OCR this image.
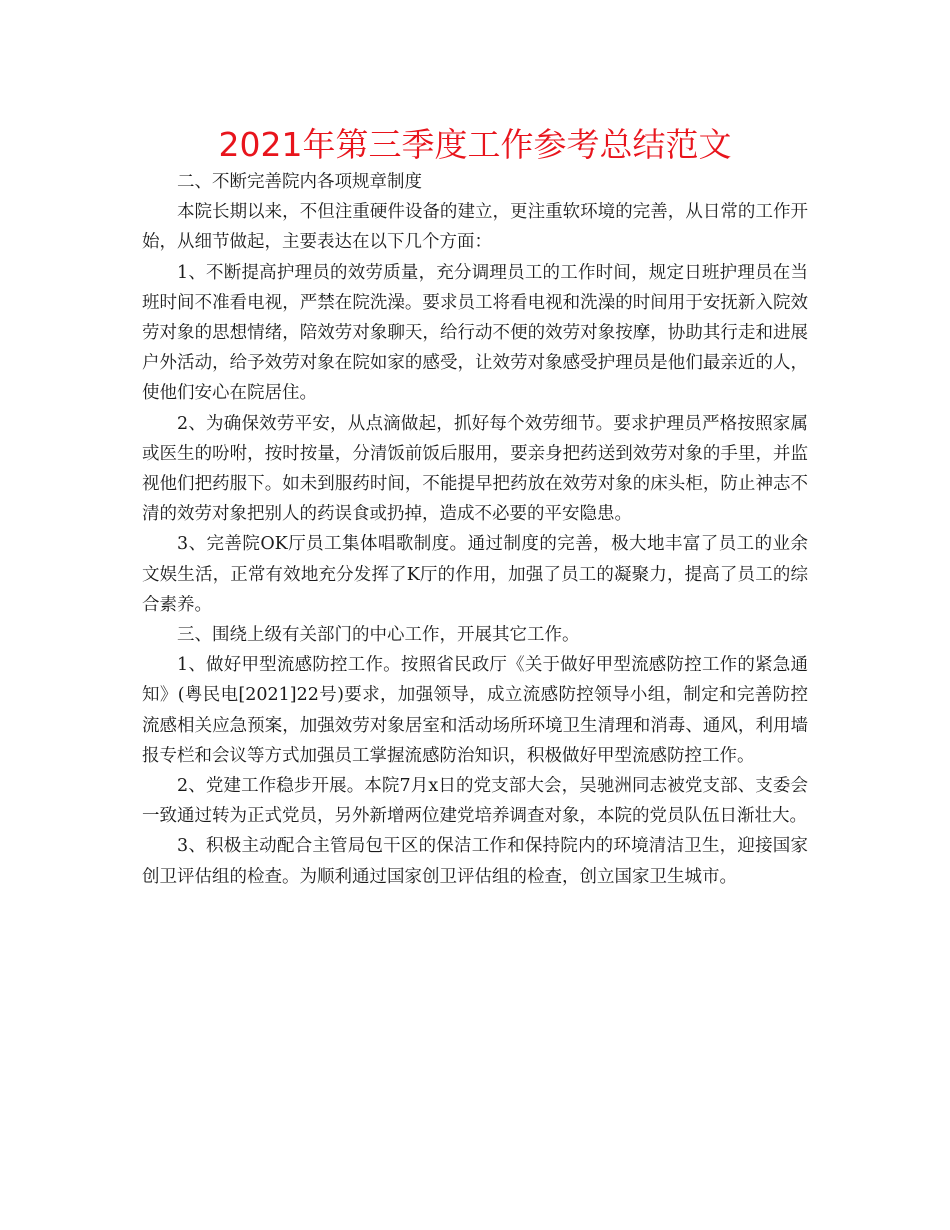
2021年第三季度工作参考总结范文

二、不断完善院内各项规章制度

本院长期以来，不但注重硬件设备的建立，更注重软环境的完善，从日常的工作开始，从细节做起，主要表达在以下几个方面：

1、不断提高护理员的效劳质量，充分调理员工的工作时间，规定日班护理员在当班时间不准看电视，严禁在院洗澡。要求员工将看电视和洗澡的时间用于安抚新入院效劳对象的思想情绪，陪效劳对象聊天，给行动不便的效劳对象按摩，协助其行走和进展户外活动，给予效劳对象在院如家的感受，让效劳对象感受护理员是他们最亲近的人，使他们安心在院居住。

2、为确保效劳平安，从点滴做起，抓好每个效劳细节。要求护理员严格按照家属或医生的吩咐，按时按量，分清饭前饭后服用，要亲身把药送到效劳对象的手里，并监视他们把药服下。如未到服药时间，不能提早把药放在效劳对象的床头柜，防止神志不清的效劳对象把别人的药误食或扔掉，造成不必要的平安隐患。

3、完善院OK厅员工集体唱歌制度。通过制度的完善，极大地丰富了员工的业余文娱生活，正常有效地充分发挥了K厅的作用，加强了员工的凝聚力，提高了员工的综合素养。

三、围绕上级有关部门的中心工作，开展其它工作。

1、做好甲型流感防控工作。按照省民政厅《关于做好甲型流感防控工作的紧急通知》(粤民电[2021]22号)要求，加强领导，成立流感防控领导小组，制定和完善防控流感相关应急预案，加强效劳对象居室和活动场所环境卫生清理和消毒、通风，利用墙报专栏和会议等方式加强员工掌握流感防治知识，积极做好甲型流感防控工作。

2、党建工作稳步开展。本院7月x日的党支部大会，吴驰洲同志被党支部、支委会一致通过转为正式党员，另外新增两位建党培养调查对象，本院的党员队伍日渐壮大。

3、积极主动配合主管局包干区的保洁工作和保持院内的环境清洁卫生，迎接国家创卫评估组的检查。为顺利通过国家创卫评估组的检查，创立国家卫生城市。
